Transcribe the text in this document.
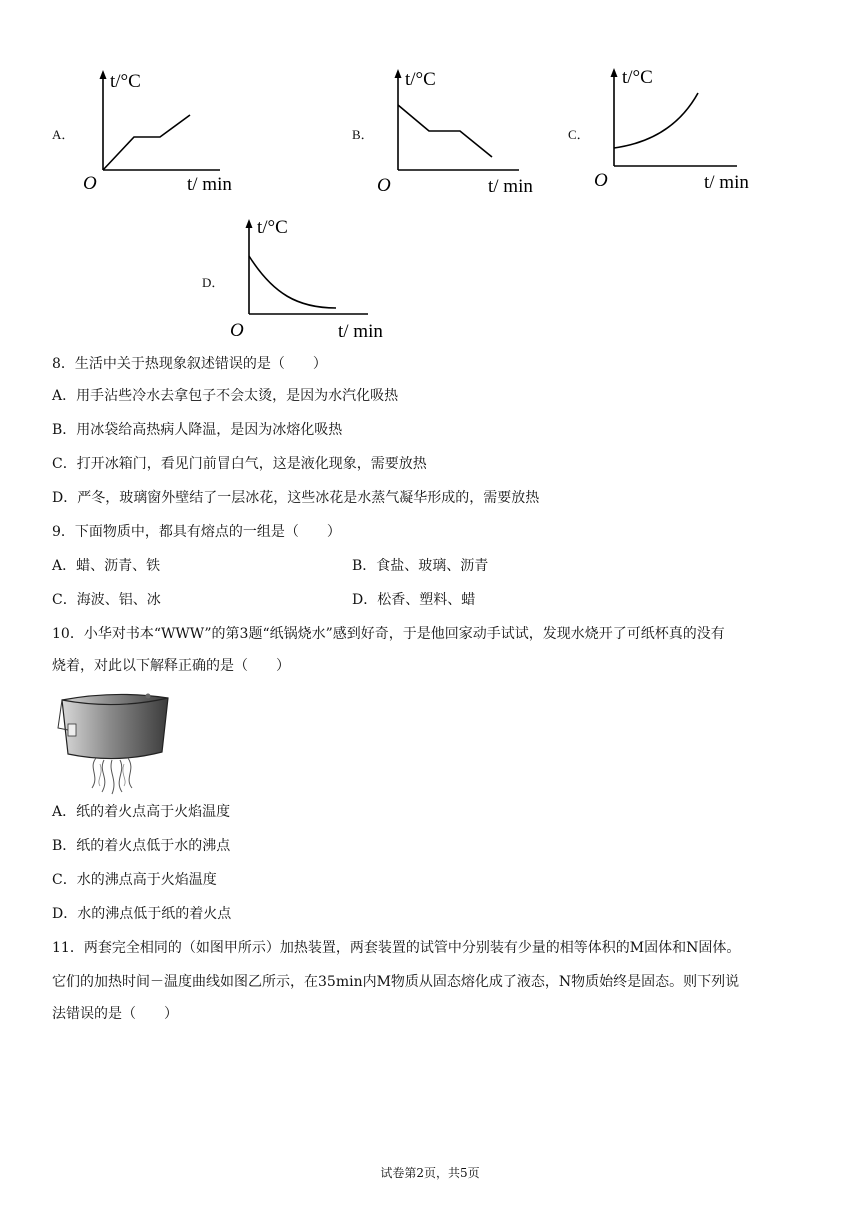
A．
t/°C
O	t/ min
B．
t/°C
O	t/ min
C．
t/°C
O	t/ min
D．
t/°C
O	t/ min
8．生活中关于热现象叙述错误的是（　　）
A．用手沾些冷水去拿包子不会太烫，是因为水汽化吸热
B．用冰袋给高热病人降温，是因为冰熔化吸热
C．打开冰箱门，看见门前冒白气，这是液化现象，需要放热
D．严冬，玻璃窗外壁结了一层冰花，这些冰花是水蒸气凝华形成的，需要放热
9．下面物质中，都具有熔点的一组是（　　）
A．蜡、沥青、铁	B．食盐、玻璃、沥青
C．海波、铝、冰	D．松香、塑料、蜡
10．小华对书本“WWW”的第3题“纸锅烧水”感到好奇，于是他回家动手试试，发现水烧开了可纸杯真的没有
烧着，对此以下解释正确的是（　　）
A．纸的着火点高于火焰温度
B．纸的着火点低于水的沸点
C．水的沸点高于火焰温度
D．水的沸点低于纸的着火点
11．两套完全相同的（如图甲所示）加热装置，两套装置的试管中分别装有少量的相等体积的M固体和N固体。
它们的加热时间－温度曲线如图乙所示，在35min内M物质从固态熔化成了液态，N物质始终是固态。则下列说
法错误的是（　　）
试卷第2页，共5页
